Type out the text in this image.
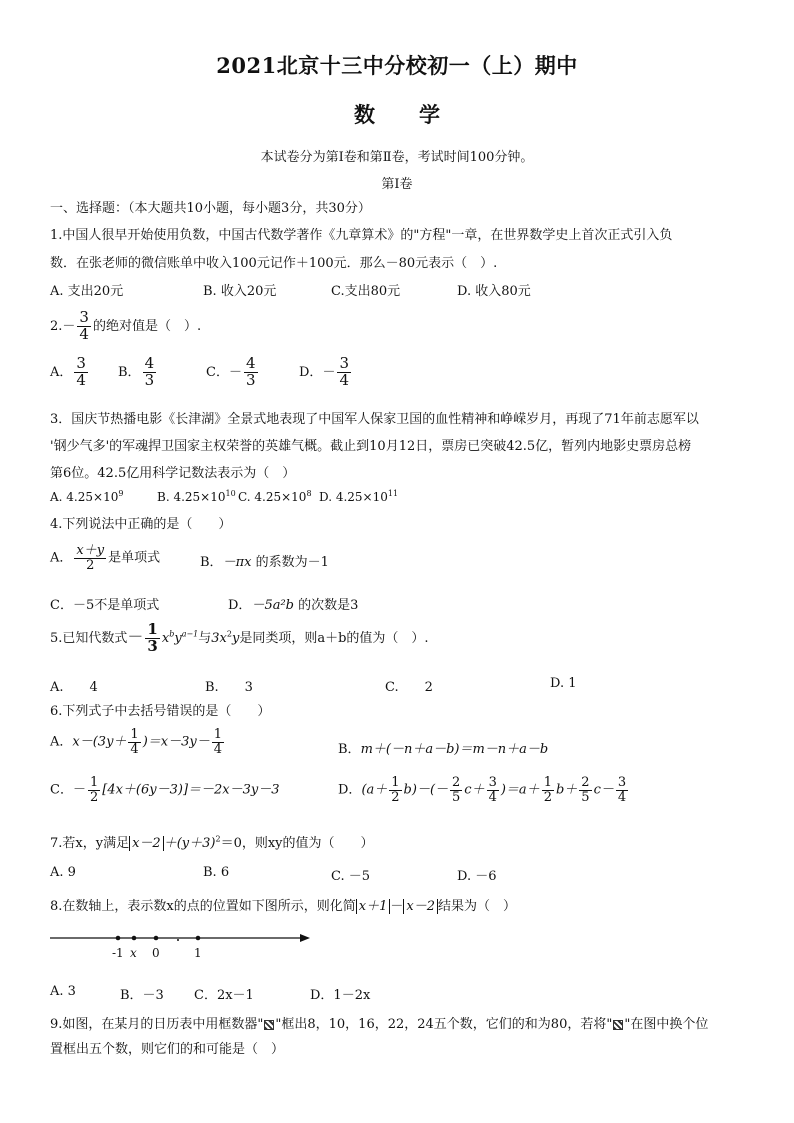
2021北京十三中分校初一（上）期中
数学
本试卷分为第Ⅰ卷和第Ⅱ卷，考试时间100分钟。
第Ⅰ卷
一、选择题：（本大题共10小题，每小题3分，共30分）
1.中国人很早开始使用负数，中国古代数学著作《九章算术》的"方程"一章，在世界数学史上首次正式引入负
数．在张老师的微信账单中收入100元记作＋100元．那么－80元表示（　）.
A. 支出20元	B. 收入20元	C.支出80元	D. 收入80元
$2.- \frac{3}{4}$ 的绝对值是（　）.
A． $\frac{3}{4}$ B． $\frac{4}{3}$	C．－ $\frac{4}{3}$	D．－ $\frac{3}{4}$
3．国庆节热播电影《长津湖》全景式地表现了中国军人保家卫国的血性精神和峥嵘岁月，再现了71年前志愿军以
'钢少气多'的军魂捍卫国家主权荣誉的英雄气概。截止到10月12日，票房已突破42.5亿，暂列内地影史票房总榜
第6位。42.5亿用科学记数法表示为（　）
A. $4.25\times 10^9$	B. $4.25\times 10^{10}$ C. $4.25\times 10^8$ D. $4.25\times 10^{11}$
4.下列说法中正确的是（　　）
A． $\frac{x+y}{2}$ 是单项式	B．－πx 的系数为－1
C．－5不是单项式	D．－5a²b 的次数是3
5.已知代数式－ $\frac{1}{3} x^by^{a-1}$与$3x^2y$是同类项，则a＋b的值为（　）.
A.　　4	B.　　3	C.　　2	D. 1
6.下列式子中去括号错误的是（　　）
A．$x-(3y+ \frac{1}{4} )=x-3y- \frac{1}{4}$	B．m＋(－n＋a－b)＝m－n＋a－b
C．－ $\frac{1}{2} [4x+(6y-3)]=-2x-3y-3$	D．$(a+ \frac{1}{2} b)-(- \frac{2}{5} c+ \frac{3}{4} )=a+ \frac{1}{2} b+ \frac{2}{5} c- \frac{3}{4}$
7.若x，y满足 $x-2 +(y+3)^2=0$，则xy的值为（　　）
A. 9	B. 6	C. －5	D. －6
8.在数轴上，表示数x的点的位置如下图所示，则化简 x＋1 － x－2 结果为（　）
-1 x 0	1
A. 3	B．－3 C．2x－1	D．1－2x
9.如图，在某月的日历表中用框数器" "框出8，10，16，22，24五个数，它们的和为80，若将" "在图中换个位
置框出五个数，则它们的和可能是（　）
